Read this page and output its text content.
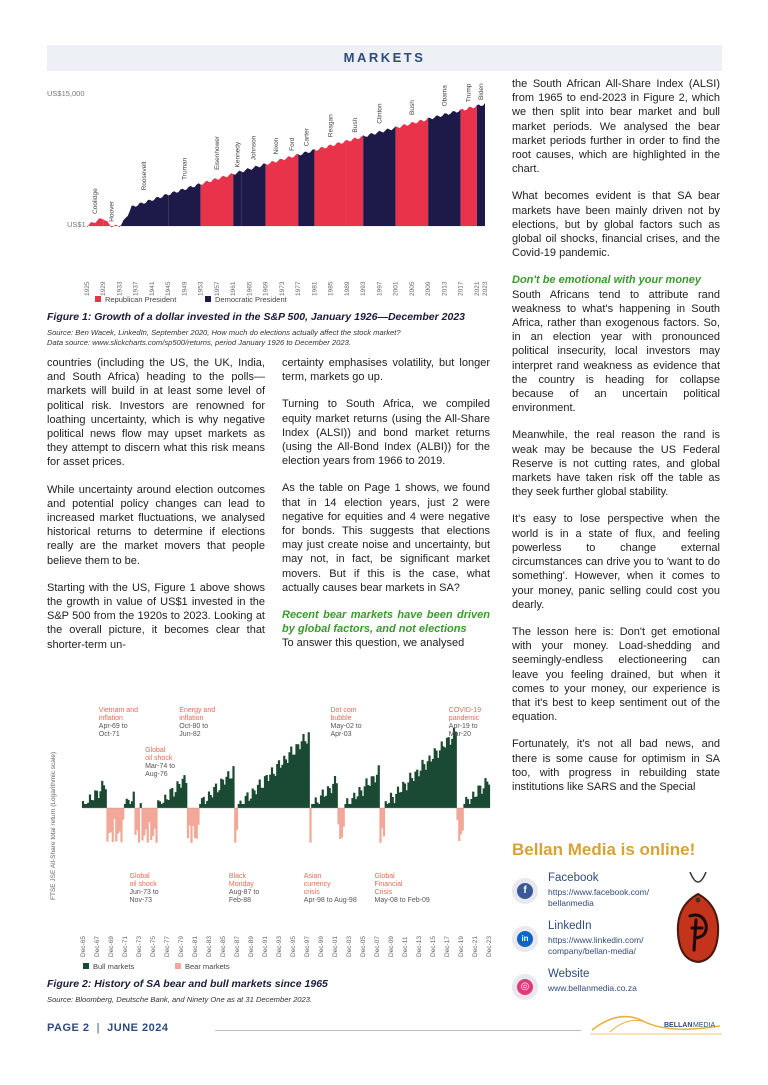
MARKETS
US$15,000
US$1
Coolidge Hoover
Roosevelt	Truman	Eisenhower Kennedy Johnson Nixon Ford Carter
Reagan	Bush
Clinton	Bush
Obama	Trump Biden
1925 1929 1933 1937 1941 1945 1949 1953 1957 1961 1965 1969 1973 1977 1981 1985 1989 1993 1997 2001 2005 2009 2013 2017 2021 2023
Republican President	Democratic President
Figure 1: Growth of a dollar invested in the S&P 500, January 1926—December 2023
Source: Ben Wacek, LinkedIn, September 2020, How much do elections actually affect the stock market?
Data source: www.slickcharts.com/sp500/returns, period January 1926 to December 2023.

countries (including the US, the UK, India, and South Africa) heading to the polls—markets will build in at least some level of political risk. Investors are renowned for loathing uncertainty, which is why negative political news flow may upset markets as they attempt to discern what this risk means for asset prices.

While uncertainty around election outcomes and potential policy changes can lead to increased market fluctuations, we analysed historical returns to determine if elections really are the market movers that people believe them to be.

Starting with the US, Figure 1 above shows the growth in value of US$1 invested in the S&P 500 from the 1920s to 2023. Looking at the overall picture, it becomes clear that shorter-term un-

certainty emphasises volatility, but longer term, markets go up.

Turning to South Africa, we compiled equity market returns (using the All-Share Index (ALSI)) and bond market returns (using the All-Bond Index (ALBI)) for the election years from 1966 to 2019.

As the table on Page 1 shows, we found that in 14 election years, just 2 were negative for equities and 4 were negative for bonds. This suggests that elections may just create noise and uncertainty, but may not, in fact, be significant market movers. But if this is the case, what actually causes bear markets in SA?

Recent bear markets have been driven by global factors, and not elections
To answer this question, we analysed

the South African All-Share Index (ALSI) from 1965 to end-2023 in Figure 2, which we then split into bear market and bull market periods. We analysed the bear market periods further in order to find the root causes, which are highlighted in the chart.

What becomes evident is that SA bear markets have been mainly driven not by elections, but by global factors such as global oil shocks, financial crises, and the Covid-19 pandemic.

Don't be emotional with your money

South Africans tend to attribute rand weakness to what's happening in South Africa, rather than exogenous factors. So, in an election year with pronounced political insecurity, local investors may interpret rand weakness as evidence that the country is heading for collapse because of an uncertain political environment.

Meanwhile, the real reason the rand is weak may be because the US Federal Reserve is not cutting rates, and global markets have taken risk off the table as they seek further global stability.

It's easy to lose perspective when the world is in a state of flux, and feeling powerless to change external circumstances can drive you to 'want to do something'. However, when it comes to your money, panic selling could cost you dearly.

The lesson here is: Don't get emotional with your money. Load-shedding and seemingly-endless electioneering can leave you feeling drained, but when it comes to your money, our experience is that it's best to keep sentiment out of the equation.

Fortunately, it's not all bad news, and there is some cause for optimism in SA too, with progress in rebuilding state institutions like SARS and the Special

Vietnam and
inflation
Apr-69 to
Oct-71
Energy and
inflation
Oct-80 to
Jun-82
Dot com
bubble
May-02 to
Apr-03
COVID-19
pandemic
Apr-19 to
Mar-20
Global
oil shock
Mar-74 to
Aug-76
Global
oil shock
Jun-73 to
Nov-73
Black
Monday
Aug-87 to
Feb-88
Asian
currency
crisis
Apr-98 to Aug-98
Global
Financial
Crisis
May-08 to Feb-09
FTSE JSE All-Share total return (Logarithmic scale)
Dec-65 Dec-67 Dec-69 Dec-71 Dec-73 Dec-75 Dec-77 Dec-79 Dec-81 Dec-83 Dec-85 Dec-87 Dec-89 Dec-91 Dec-93 Dec-95 Dec-97 Dec-99 Dec-01 Dec-03 Dec-05 Dec-07 Dec-09 Dec-11 Dec-13 Dec-15 Dec-17 Dec-19 Dec-21 Dec-23
Bull markets	Bear markets
Figure 2: History of SA bear and bull markets since 1965
Source: Bloomberg, Deutsche Bank, and Ninety One as at 31 December 2023.
Bellan Media is online!
f
Facebook
https://www.facebook.com/
bellanmedia
in
LinkedIn
https://www.linkedin.com/
company/bellan-media/
◎
Website
www.bellanmedia.co.za
PAGE 2 | JUNE 2024	BELLAN MEDIA
